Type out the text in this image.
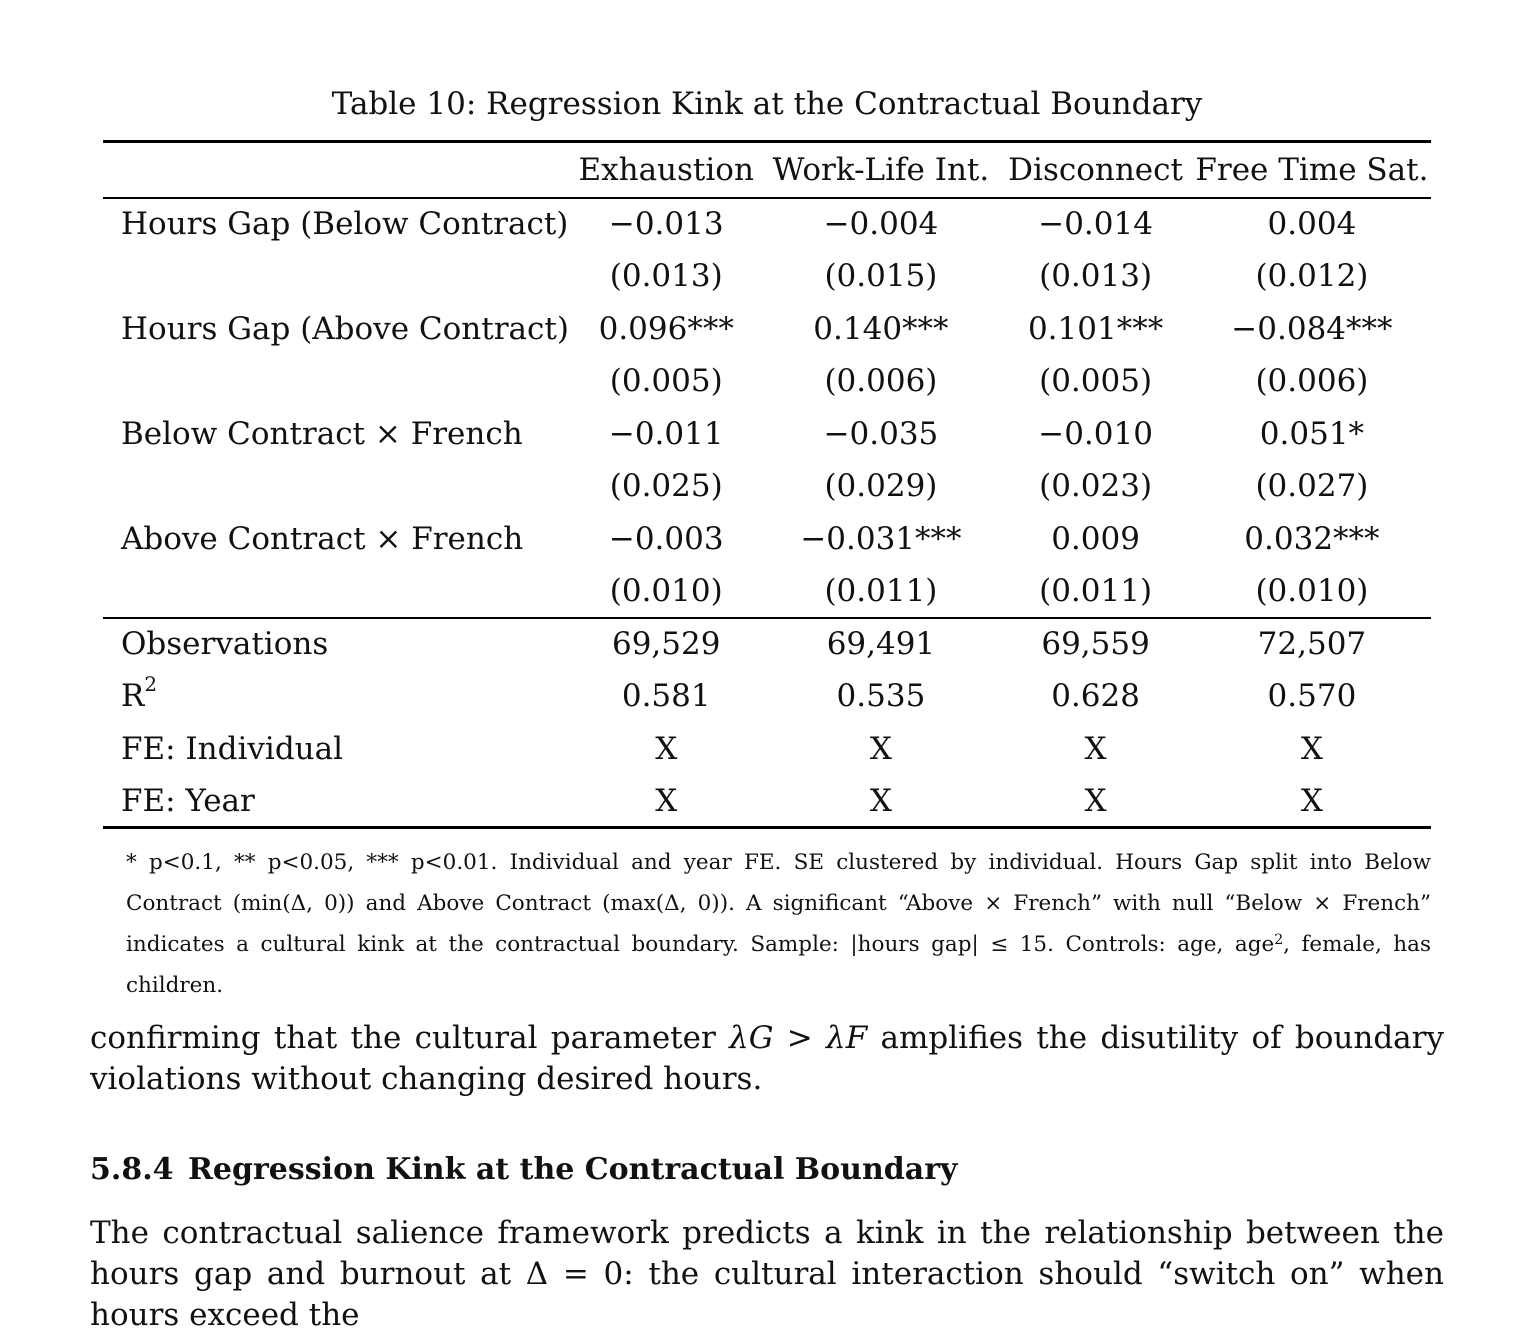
Table 10: Regression Kink at the Contractual Boundary
	Exhaustion	Work-Life Int.	Disconnect	Free Time Sat.
Hours Gap (Below Contract)	−0.013	−0.004	−0.014	0.004
	(0.013)	(0.015)	(0.013)	(0.012)
Hours Gap (Above Contract)	0.096***	0.140***	0.101***	−0.084***
	(0.005)	(0.006)	(0.005)	(0.006)
Below Contract × French	−0.011	−0.035	−0.010	0.051*
	(0.025)	(0.029)	(0.023)	(0.027)
Above Contract × French	−0.003	−0.031***	0.009	0.032***
	(0.010)	(0.011)	(0.011)	(0.010)
Observations	69,529	69,491	69,559	72,507
$R^2$	0.581	0.535	0.628	0.570
FE: Individual	X	X	X	X
FE: Year	X	X	X	X
* p<0.1, ** p<0.05, *** p<0.01. Individual and year FE. SE clustered by individual. Hours Gap split into Below Contract (min(Δ, 0)) and Above Contract (max(Δ, 0)). A significant “Above × French” with null “Below × French” indicates a cultural kink at the contractual boundary. Sample: |hours gap| ≤ 15. Controls: age, age$^2$, female, has children.
confirming that the cultural parameter λG > λF amplifies the disutility of boundary violations without changing desired hours.
5.8.4 Regression Kink at the Contractual Boundary
The contractual salience framework predicts a kink in the relationship between the hours gap and burnout at Δ = 0: the cultural interaction should “switch on” when hours exceed the
